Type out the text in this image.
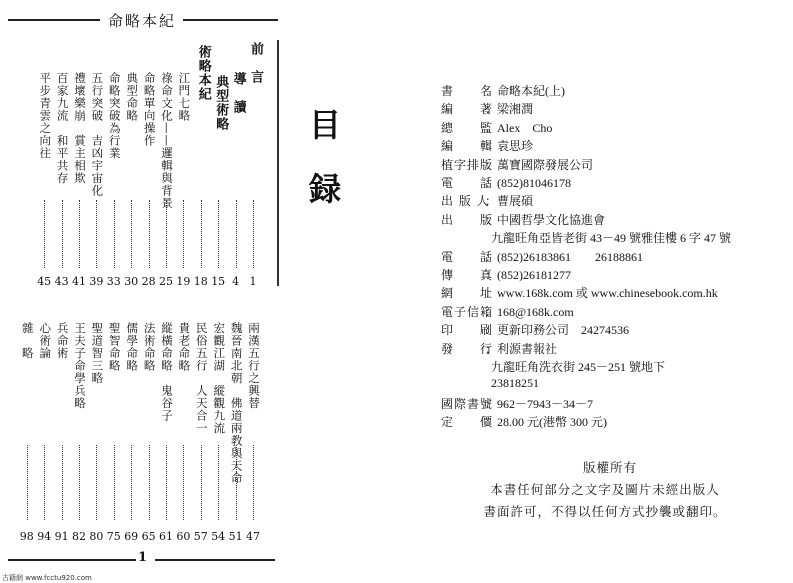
命略本紀
前　言
1
導　讀
4
典型術略
15
術略本紀
18
江門七略
19
祿命文化——邏輯與背景
25
命略單向操作
28
典型命略
30
命略突破為行業
33
五行突破　吉凶宇宙化
39
禮壞樂崩　賞主相欺
41
百家九流　和平共存
43
平步青雲之向往
45
兩漢五行之興替
47
魏晉南北朝　佛道兩教與天命
51
宏觀江湖　縱觀九流
54
民俗五行　人天合一
57
貴老命略
60
縱橫命略　鬼谷子
61
法術命略
65
儒學命略
69
聖智命略
75
聖道智三略
80
王夫子命學兵略
82
兵命術
91
心術論
94
雜　略
98
1
古籍網 www.fcctu920.com
目
録
書　　名：命略本紀(上)
編　　著：梁湘潤
總　　監：Alex　Cho
編　　輯：袁思珍
植字排版：萬寶國際發展公司
電　　話：(852)81046178
出 版 人：曹展碩
出　　版：中國哲學文化協進會
九龍旺角亞皆老街 43－49 號雅佳樓 6 字 47 號
電　　話：(852)26183861　　26188861
傳　　真：(852)26181277
網　　址：www.168k.com 或 www.chinesebook.com.hk
電子信箱：168@168k.com
印　　刷：更新印務公司　24274536
發　　行：利源書報社
九龍旺角洗衣街 245－251 號地下
23818251
國際書號：962－7943－34－7
定　　價：28.00 元(港幣 300 元)
版權所有
本書任何部分之文字及圖片未經出版人
書面許可，不得以任何方式抄襲或翻印。
